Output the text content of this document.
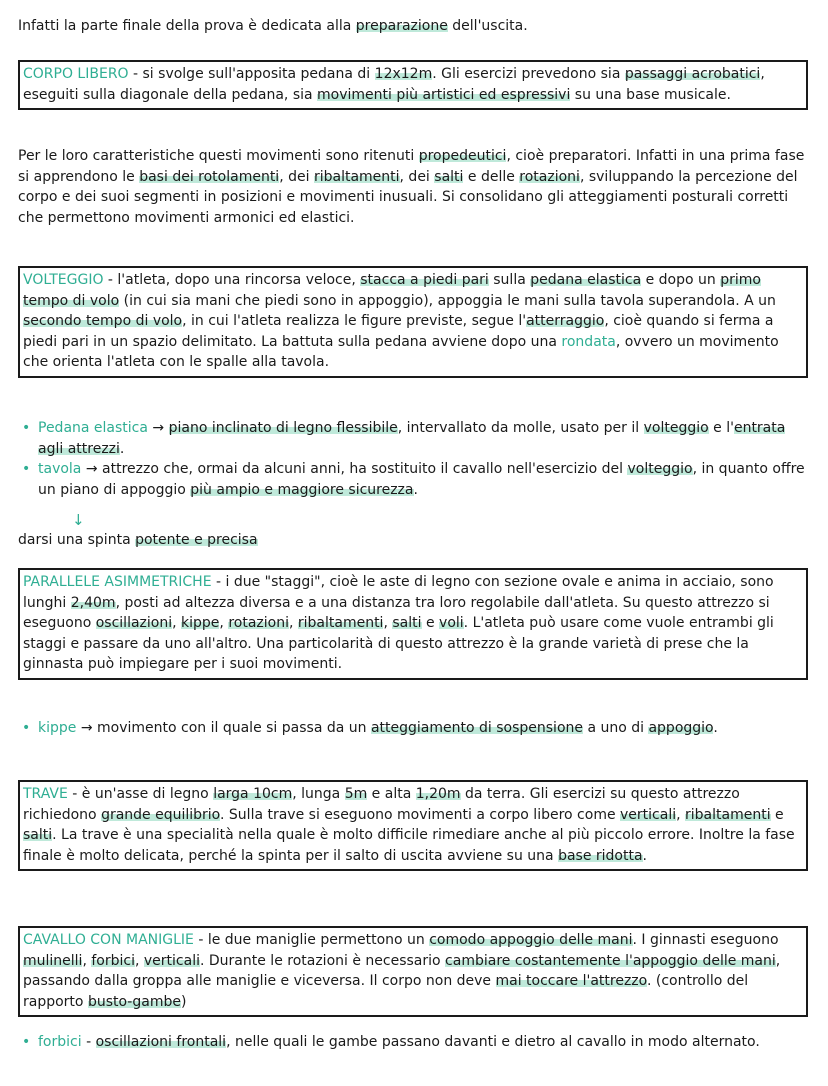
Infatti la parte finale della prova è dedicata alla preparazione dell'uscita.

CORPO LIBERO - si svolge sull'apposita pedana di 12x12m. Gli esercizi prevedono sia passaggi acrobatici, eseguiti sulla diagonale della pedana, sia movimenti più artistici ed espressivi su una base musicale.

Per le loro caratteristiche questi movimenti sono ritenuti propedeutici, cioè preparatori. Infatti in una prima fase si apprendono le basi dei rotolamenti, dei ribaltamenti, dei salti e delle rotazioni, sviluppando la percezione del corpo e dei suoi segmenti in posizioni e movimenti inusuali. Si consolidano gli atteggiamenti posturali corretti che permettono movimenti armonici ed elastici.

VOLTEGGIO - l'atleta, dopo una rincorsa veloce, stacca a piedi pari sulla pedana elastica e dopo un primo tempo di volo (in cui sia mani che piedi sono in appoggio), appoggia le mani sulla tavola superandola. A un secondo tempo di volo, in cui l'atleta realizza le figure previste, segue l'atterraggio, cioè quando si ferma a piedi pari in un spazio delimitato. La battuta sulla pedana avviene dopo una rondata, ovvero un movimento che orienta l'atleta con le spalle alla tavola.

• Pedana elastica → piano inclinato di legno flessibile, intervallato da molle, usato per il volteggio e l'entrata agli attrezzi.
• tavola → attrezzo che, ormai da alcuni anni, ha sostituito il cavallo nell'esercizio del volteggio, in quanto offre un piano di appoggio più ampio e maggiore sicurezza.
↓

darsi una spinta potente e precisa

PARALLELE ASIMMETRICHE - i due "staggi", cioè le aste di legno con sezione ovale e anima in acciaio, sono lunghi 2,40m, posti ad altezza diversa e a una distanza tra loro regolabile dall'atleta. Su questo attrezzo si eseguono oscillazioni, kippe, rotazioni, ribaltamenti, salti e voli. L'atleta può usare come vuole entrambi gli staggi e passare da uno all'altro. Una particolarità di questo attrezzo è la grande varietà di prese che la ginnasta può impiegare per i suoi movimenti.

• kippe → movimento con il quale si passa da un atteggiamento di sospensione a uno di appoggio.

TRAVE - è un'asse di legno larga 10cm, lunga 5m e alta 1,20m da terra. Gli esercizi su questo attrezzo richiedono grande equilibrio. Sulla trave si eseguono movimenti a corpo libero come verticali, ribaltamenti e salti. La trave è una specialità nella quale è molto difficile rimediare anche al più piccolo errore. Inoltre la fase finale è molto delicata, perché la spinta per il salto di uscita avviene su una base ridotta.

CAVALLO CON MANIGLIE - le due maniglie permettono un comodo appoggio delle mani. I ginnasti eseguono mulinelli, forbici, verticali. Durante le rotazioni è necessario cambiare costantemente l'appoggio delle mani, passando dalla groppa alle maniglie e viceversa. Il corpo non deve mai toccare l'attrezzo. (controllo del rapporto busto-gambe)

• forbici - oscillazioni frontali, nelle quali le gambe passano davanti e dietro al cavallo in modo alternato.
